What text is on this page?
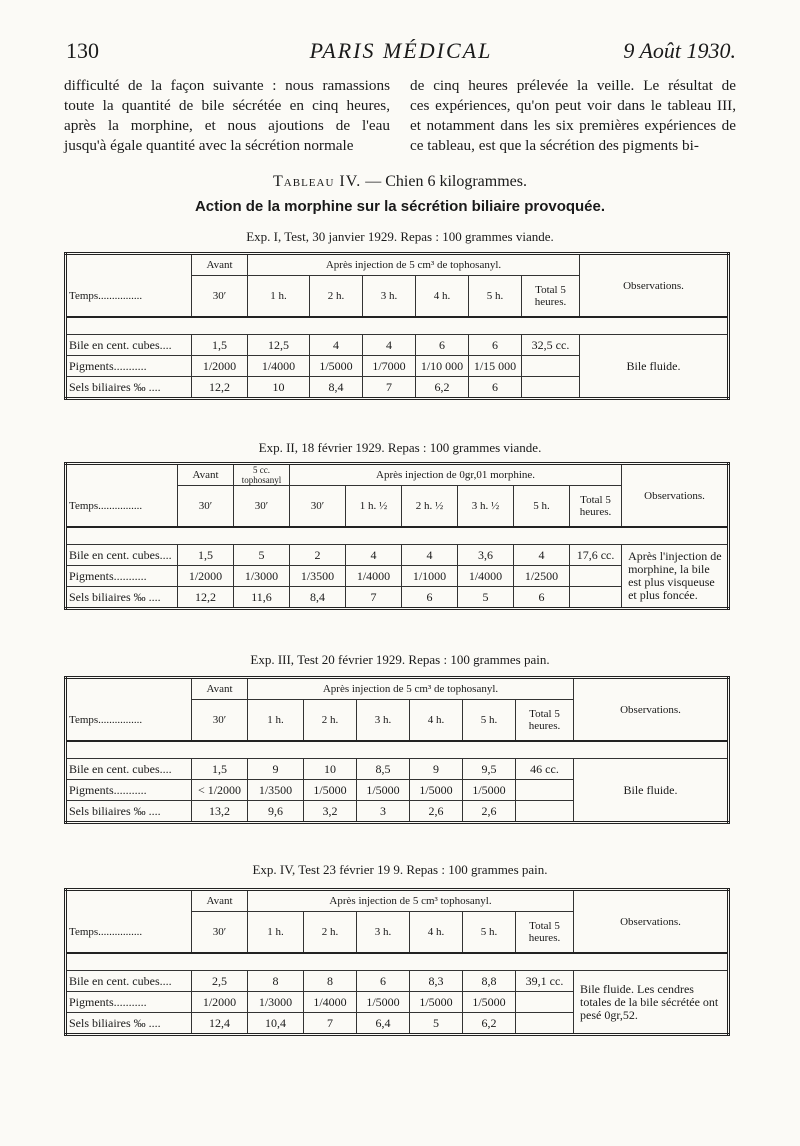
130	PARIS MÉDICAL	9 Août 1930.
difficulté de la façon suivante : nous ramassions
toute la quantité de bile sécrétée en cinq heures,
après la morphine, et nous ajoutions de l'eau
jusqu'à égale quantité avec la sécrétion normale
de cinq heures prélevée la veille. Le résultat de
ces expériences, qu'on peut voir dans le tableau III,
et notamment dans les six premières expériences de
ce tableau, est que la sécrétion des pigments bi-
Tableau IV. — Chien 6 kilogrammes.
Action de la morphine sur la sécrétion biliaire provoquée.
Exp. I, Test, 30 janvier 1929. Repas : 100 grammes viande.
	Avant	Après injection de 5 cm³ de tophosanyl.						Observations.
Temps................	30′	1 h.	2 h.	3 h.	4 h.	5 h.	Total 5 heures.	

Bile en cent. cubes....	1,5	12,5	4	4	6	6	32,5 cc.	Bile fluide.
Pigments...........	1/2000	1/4000	1/5000	1/7000	1/10 000	1/15 000		
Sels biliaires ‰ ....	12,2	10	8,4	7	6,2	6		
Exp. II, 18 février 1929. Repas : 100 grammes viande.
	Avant	5 cc. tophosanyl	Après injection de 0gr,01 morphine.						Observations.
Temps................	30′	30′	30′	1 h. ½	2 h. ½	3 h. ½	5 h.	Total 5 heures.	

Bile en cent. cubes....	1,5	5	2	4	4	3,6	4	17,6 cc.	Après l'injection de morphine, la bile est plus visqueuse et plus foncée.
Pigments...........	1/2000	1/3000	1/3500	1/4000	1/1000	1/4000	1/2500		
Sels biliaires ‰ ....	12,2	11,6	8,4	7	6	5	6		
Exp. III, Test 20 février 1929. Repas : 100 grammes pain.
	Avant	Après injection de 5 cm³ de tophosanyl.						Observations.
Temps................	30′	1 h.	2 h.	3 h.	4 h.	5 h.	Total 5 heures.	

Bile en cent. cubes....	1,5	9	10	8,5	9	9,5	46 cc.	Bile fluide.
Pigments...........	< 1/2000	1/3500	1/5000	1/5000	1/5000	1/5000		
Sels biliaires ‰ ....	13,2	9,6	3,2	3	2,6	2,6		
Exp. IV, Test 23 février 19 9. Repas : 100 grammes pain.
	Avant	Après injection de 5 cm³ tophosanyl.						Observations.
Temps................	30′	1 h.	2 h.	3 h.	4 h.	5 h.	Total 5 heures.	

Bile en cent. cubes....	2,5	8	8	6	8,3	8,8	39,1 cc.	Bile fluide. Les cendres totales de la bile sécrétée ont pesé 0gr,52.
Pigments...........	1/2000	1/3000	1/4000	1/5000	1/5000	1/5000		
Sels biliaires ‰ ....	12,4	10,4	7	6,4	5	6,2		
